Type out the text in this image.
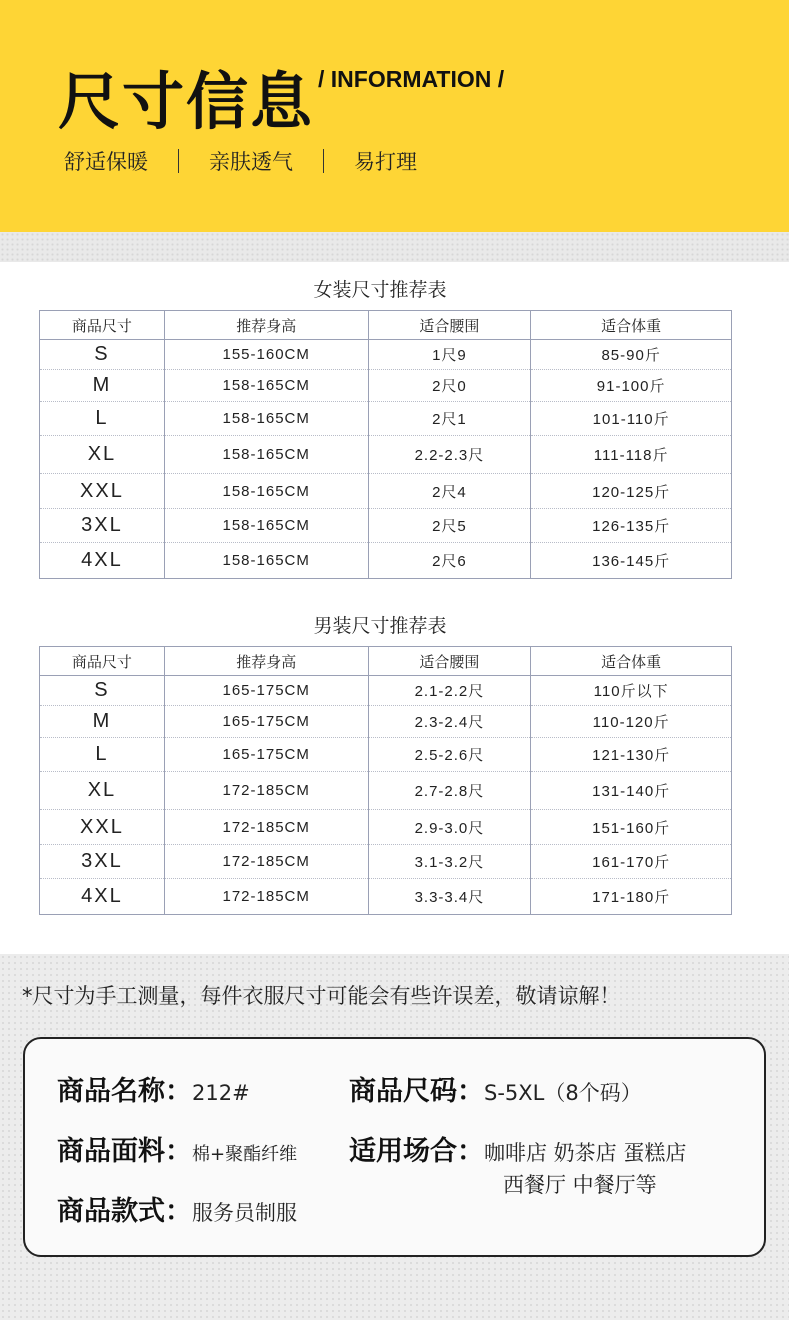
尺寸信息 / INFORMATION /
舒适保暖	亲肤透气	易打理
女装尺寸推荐表
商品尺寸	推荐身高	适合腰围	适合体重
S	155-160CM	1尺9	85-90斤
M	158-165CM	2尺0	91-100斤
L	158-165CM	2尺1	101-110斤
XL	158-165CM	2.2-2.3尺	111-118斤
XXL	158-165CM	2尺4	120-125斤
3XL	158-165CM	2尺5	126-135斤
4XL	158-165CM	2尺6	136-145斤
男装尺寸推荐表
商品尺寸	推荐身高	适合腰围	适合体重
S	165-175CM	2.1-2.2尺	110斤以下
M	165-175CM	2.3-2.4尺	110-120斤
L	165-175CM	2.5-2.6尺	121-130斤
XL	172-185CM	2.7-2.8尺	131-140斤
XXL	172-185CM	2.9-3.0尺	151-160斤
3XL	172-185CM	3.1-3.2尺	161-170斤
4XL	172-185CM	3.3-3.4尺	171-180斤
*尺寸为手工测量，每件衣服尺寸可能会有些许误差，敬请谅解！
商品名称： 212#	商品尺码： S-5XL（8个码）
商品面料： 棉+聚酯纤维 适用场合： 咖啡店 奶茶店 蛋糕店
西餐厅 中餐厅等
商品款式： 服务员制服
